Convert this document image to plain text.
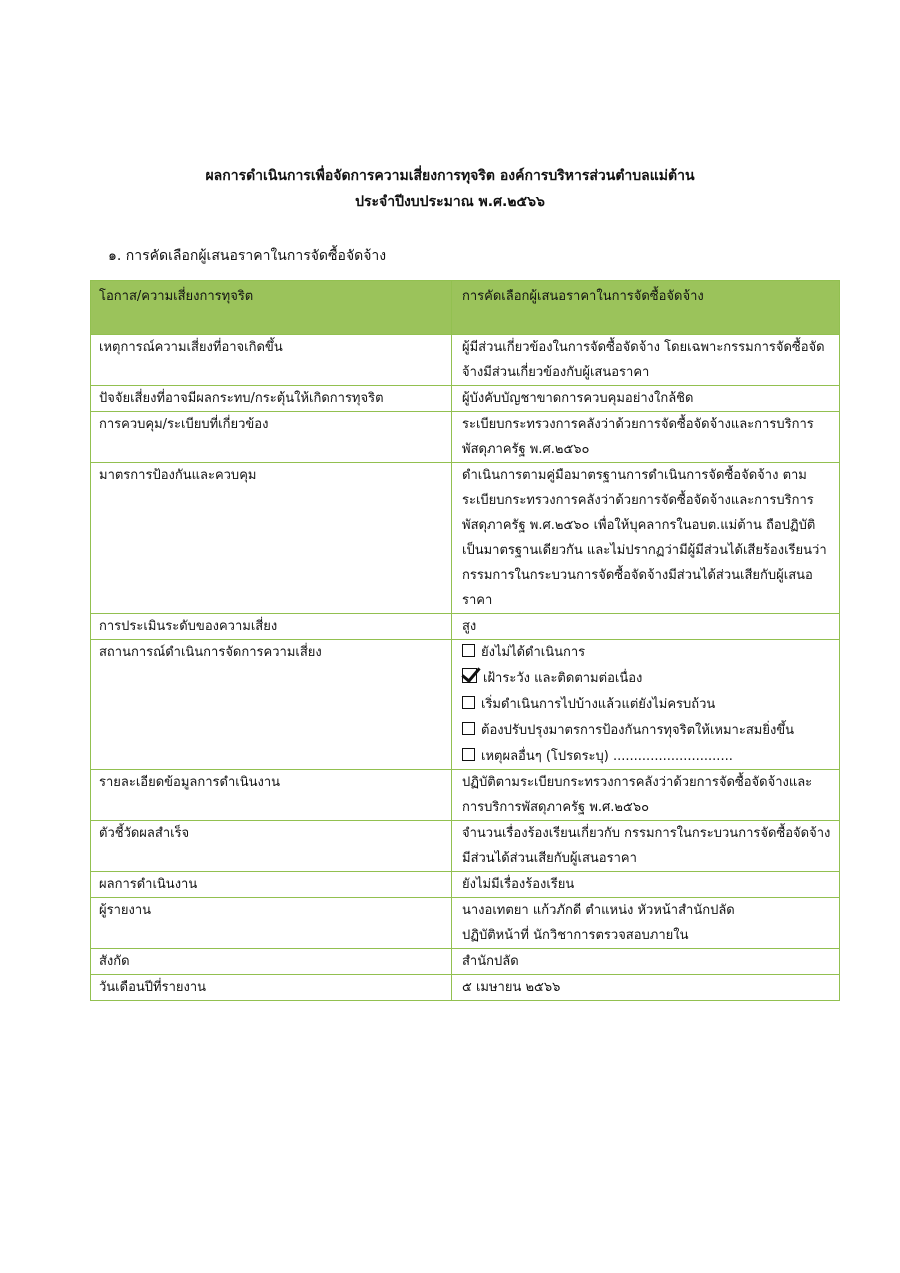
ผลการดำเนินการเพื่อจัดการความเสี่ยงการทุจริต องค์การบริหารส่วนตำบลแม่ต้าน
ประจำปีงบประมาณ พ.ศ.๒๕๖๖
๑. การคัดเลือกผู้เสนอราคาในการจัดซื้อจัดจ้าง
โอกาส/ความเสี่ยงการทุจริต	การคัดเลือกผู้เสนอราคาในการจัดซื้อจัดจ้าง
เหตุการณ์ความเสี่ยงที่อาจเกิดขึ้น	ผู้มีส่วนเกี่ยวข้องในการจัดซื้อจัดจ้าง โดยเฉพาะกรรมการจัดซื้อจัดจ้างมีส่วนเกี่ยวข้องกับผู้เสนอราคา
ปัจจัยเสี่ยงที่อาจมีผลกระทบ/กระตุ้นให้เกิดการทุจริต	ผู้บังคับบัญชาขาดการควบคุมอย่างใกล้ชิด
การควบคุม/ระเบียบที่เกี่ยวข้อง	ระเบียบกระทรวงการคลังว่าด้วยการจัดซื้อจัดจ้างและการบริการพัสดุภาครัฐ พ.ศ.๒๕๖๐
มาตรการป้องกันและควบคุม	ดำเนินการตามคู่มือมาตรฐานการดำเนินการจัดซื้อจัดจ้าง ตามระเบียบกระทรวงการคลังว่าด้วยการจัดซื้อจัดจ้างและการบริการพัสดุภาครัฐ พ.ศ.๒๕๖๐ เพื่อให้บุคลากรในอบต.แม่ต้าน ถือปฏิบัติเป็นมาตรฐานเดียวกัน และไม่ปรากฏว่ามีผู้มีส่วนได้เสียร้องเรียนว่ากรรมการในกระบวนการจัดซื้อจัดจ้างมีส่วนได้ส่วนเสียกับผู้เสนอราคา
การประเมินระดับของความเสี่ยง	สูง
สถานการณ์ดำเนินการจัดการความเสี่ยง	ยังไม่ได้ดำเนินการ
เฝ้าระวัง และติดตามต่อเนื่อง
เริ่มดำเนินการไปบ้างแล้วแต่ยังไม่ครบถ้วน
ต้องปรับปรุงมาตรการป้องกันการทุจริตให้เหมาะสมยิ่งขึ้น
เหตุผลอื่นๆ (โปรดระบุ) .............................

รายละเอียดข้อมูลการดำเนินงาน	ปฏิบัติตามระเบียบกระทรวงการคลังว่าด้วยการจัดซื้อจัดจ้างและการบริการพัสดุภาครัฐ พ.ศ.๒๕๖๐
ตัวชี้วัดผลสำเร็จ	จำนวนเรื่องร้องเรียนเกี่ยวกับ กรรมการในกระบวนการจัดซื้อจัดจ้างมีส่วนได้ส่วนเสียกับผู้เสนอราคา
ผลการดำเนินงาน	ยังไม่มีเรื่องร้องเรียน
ผู้รายงาน	นางอเทตยา แก้วภักดี ตำแหน่ง หัวหน้าสำนักปลัด
ปฏิบัติหน้าที่ นักวิชาการตรวจสอบภายใน

สังกัด	สำนักปลัด
วันเดือนปีที่รายงาน	๕ เมษายน ๒๕๖๖
